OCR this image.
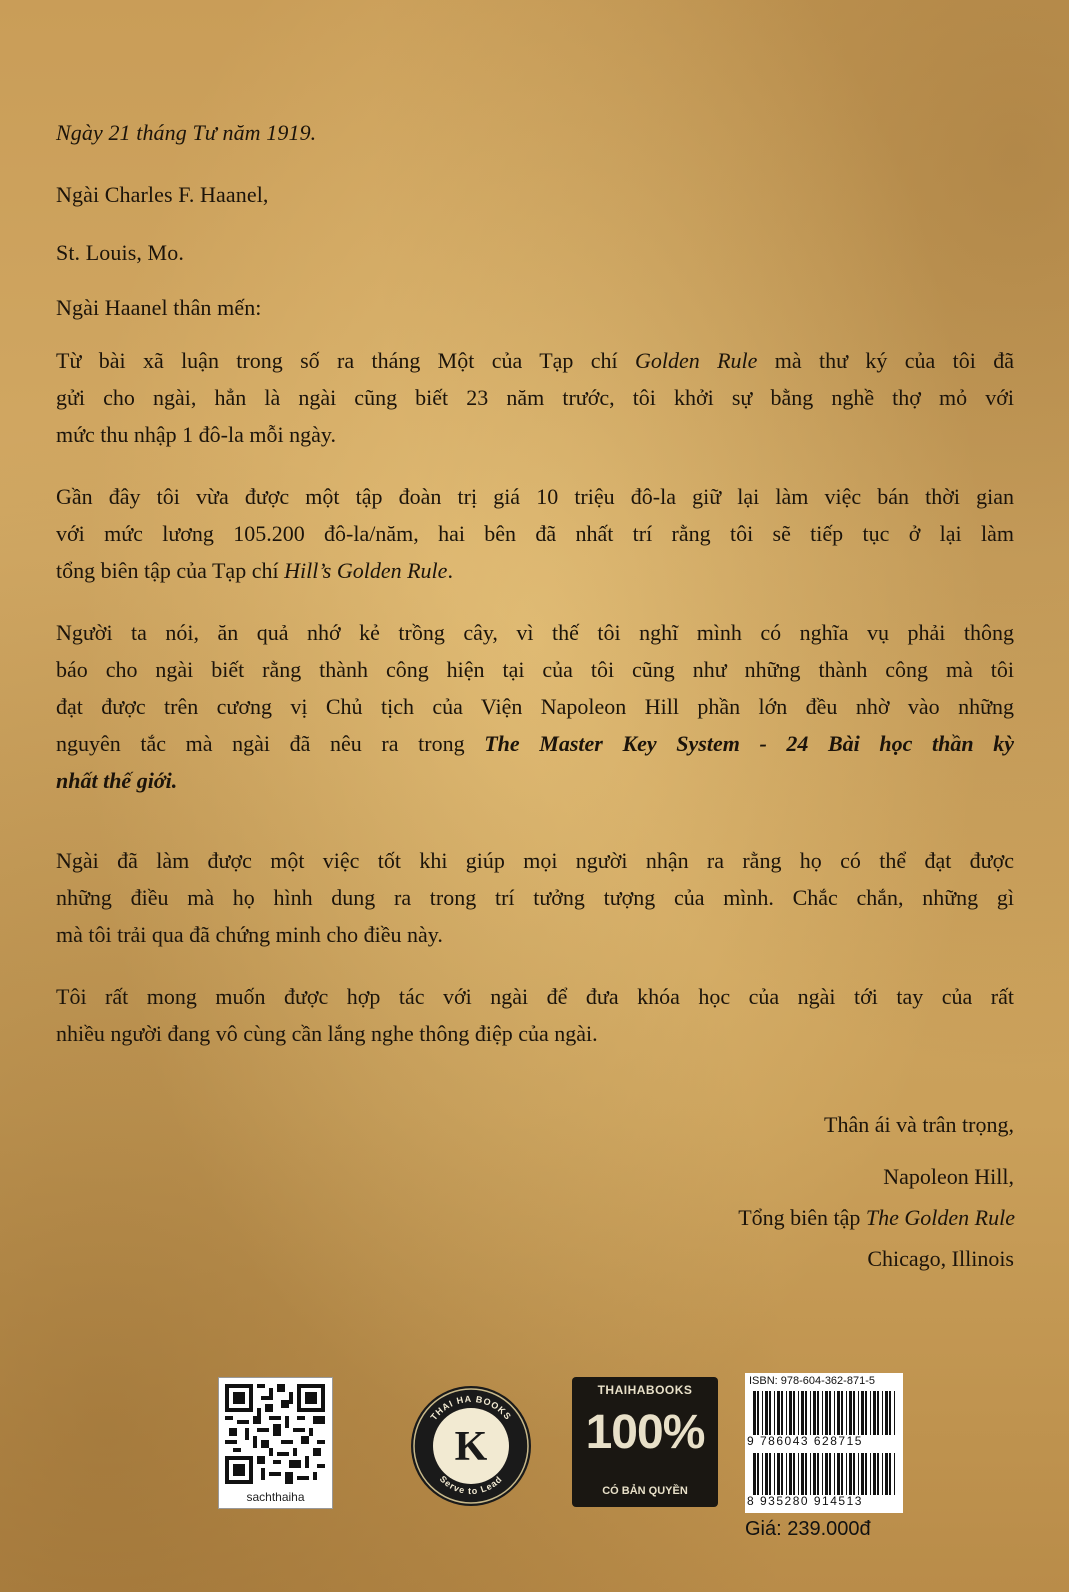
Ngày 21 tháng Tư năm 1919.
Ngài Charles F. Haanel,
St. Louis, Mo.
Ngài Haanel thân mến:
Từ bài xã luận trong số ra tháng Một của Tạp chí Golden Rule mà thư ký của tôi đã
gửi cho ngài, hẳn là ngài cũng biết 23 năm trước, tôi khởi sự bằng nghề thợ mỏ với
mức thu nhập 1 đô-la mỗi ngày.
Gần đây tôi vừa được một tập đoàn trị giá 10 triệu đô-la giữ lại làm việc bán thời gian
với mức lương 105.200 đô-la/năm, hai bên đã nhất trí rằng tôi sẽ tiếp tục ở lại làm
tổng biên tập của Tạp chí Hill’s Golden Rule.
Người ta nói, ăn quả nhớ kẻ trồng cây, vì thế tôi nghĩ mình có nghĩa vụ phải thông
báo cho ngài biết rằng thành công hiện tại của tôi cũng như những thành công mà tôi
đạt được trên cương vị Chủ tịch của Viện Napoleon Hill phần lớn đều nhờ vào những
nguyên tắc mà ngài đã nêu ra trong The Master Key System - 24 Bài học thần kỳ
nhất thế giới.
Ngài đã làm được một việc tốt khi giúp mọi người nhận ra rằng họ có thể đạt được
những điều mà họ hình dung ra trong trí tưởng tượng của mình. Chắc chắn, những gì
mà tôi trải qua đã chứng minh cho điều này.
Tôi rất mong muốn được hợp tác với ngài để đưa khóa học của ngài tới tay của rất
nhiều người đang vô cùng cần lắng nghe thông điệp của ngài.
Thân ái và trân trọng,
Napoleon Hill,
Tổng biên tập The Golden Rule
Chicago, Illinois
sachthaiha
THAI HA BOOKS
Serve to Lead
K
THAIHABOOKS
100%
CÓ BẢN QUYỀN
ISBN: 978-604-362-871-5
9 786043 628715
8 935280 914513
Giá: 239.000đ
